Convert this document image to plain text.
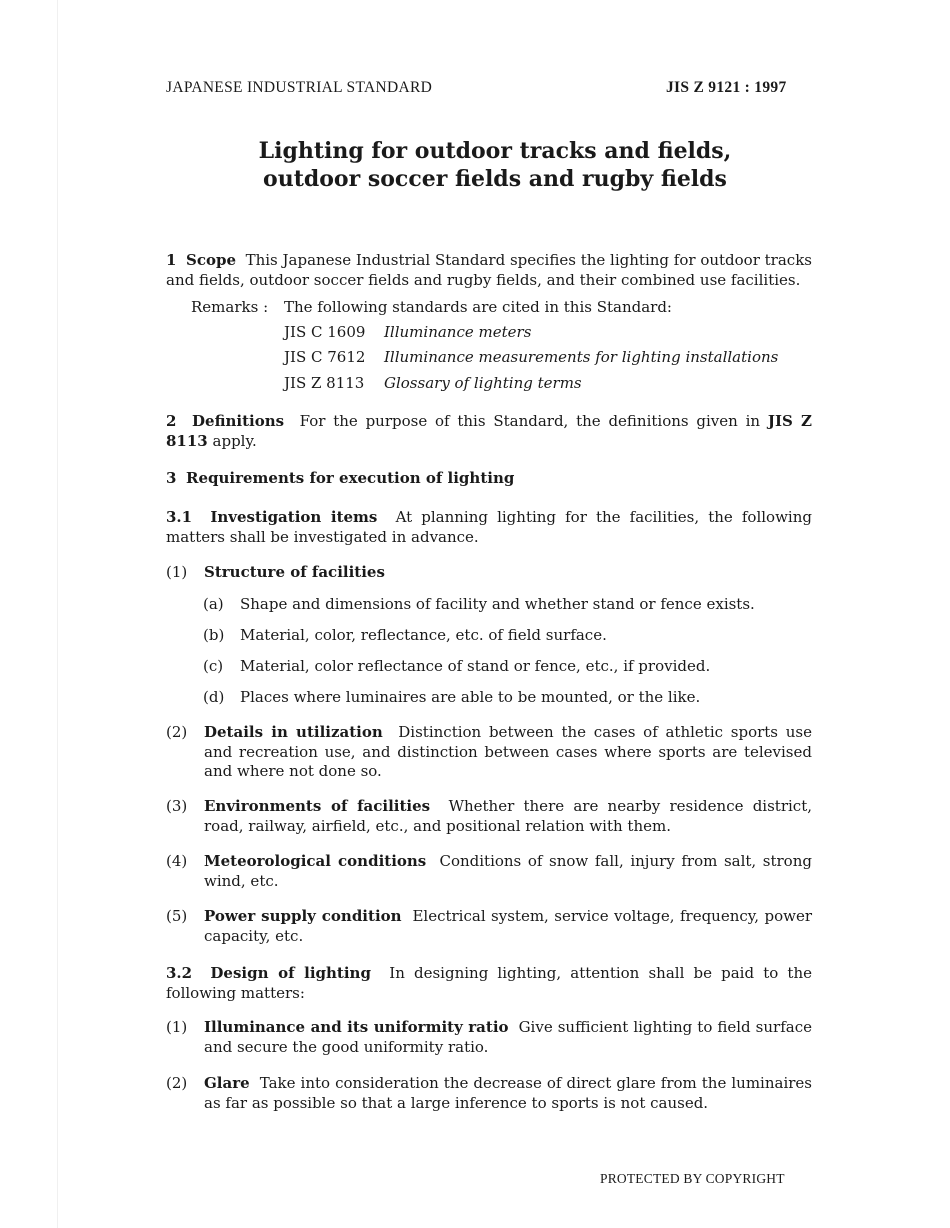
JAPANESE INDUSTRIAL STANDARD	JIS Z 9121 : 1997
Lighting for outdoor tracks and fields,
outdoor soccer fields and rugby fields
1 Scope This Japanese Industrial Standard specifies the lighting for outdoor tracks and fields, outdoor soccer fields and rugby fields, and their combined use facilities.
Remarks : The following standards are cited in this Standard:
JIS C 1609 Illuminance meters
JIS C 7612 Illuminance measurements for lighting installations
JIS Z 8113 Glossary of lighting terms
2 Definitions For the purpose of this Standard, the definitions given in JIS Z 8113 apply.
3 Requirements for execution of lighting
3.1 Investigation items At planning lighting for the facilities, the following matters shall be investigated in advance.
(1) Structure of facilities
(a) Shape and dimensions of facility and whether stand or fence exists.
(b) Material, color, reflectance, etc. of field surface.
(c) Material, color reflectance of stand or fence, etc., if provided.
(d) Places where luminaires are able to be mounted, or the like.
(2) Details in utilization Distinction between the cases of athletic sports use and recreation use, and distinction between cases where sports are televised and where not done so.
(3) Environments of facilities Whether there are nearby residence district, road, railway, airfield, etc., and positional relation with them.
(4) Meteorological conditions Conditions of snow fall, injury from salt, strong wind, etc.
(5) Power supply condition Electrical system, service voltage, frequency, power capacity, etc.
3.2 Design of lighting In designing lighting, attention shall be paid to the following matters:
(1) Illuminance and its uniformity ratio Give sufficient lighting to field surface and secure the good uniformity ratio.
(2) Glare Take into consideration the decrease of direct glare from the luminaires as far as possible so that a large inference to sports is not caused.
PROTECTED BY COPYRIGHT
